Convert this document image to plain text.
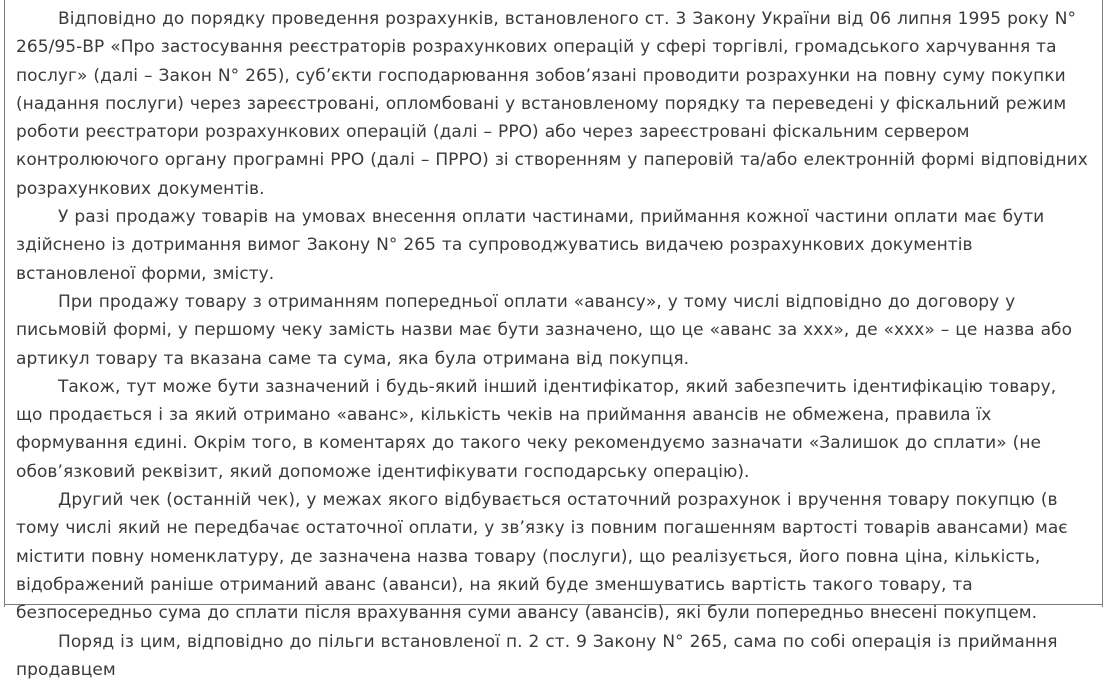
Відповідно до порядку проведення розрахунків, встановленого ст. 3 Закону України від 06 липня 1995 року N° 265/95-ВР «Про застосування реєстраторів розрахункових операцій у сфері торгівлі, громадського харчування та послуг» (далі – Закон N° 265), суб’єкти господарювання зобов’язані проводити розрахунки на повну суму покупки (надання послуги) через зареєстровані, опломбовані у встановленому порядку та переведені у фіскальний режим роботи реєстратори розрахункових операцій (далі – РРО) або через зареєстровані фіскальним сервером контролюючого органу програмні РРО (далі – ПРРО) зі створенням у паперовій та/або електронній формі відповідних розрахункових документів.

У разі продажу товарів на умовах внесення оплати частинами, приймання кожної частини оплати має бути здійснено із дотримання вимог Закону N° 265 та супроводжуватись видачею розрахункових документів встановленої форми, змісту.

При продажу товару з отриманням попередньої оплати «авансу», у тому числі відповідно до договору у письмовій формі, у першому чеку замість назви має бути зазначено, що це «аванс за ххх», де «ххх» – це назва або артикул товару та вказана саме та сума, яка була отримана від покупця.

Також, тут може бути зазначений і будь-який інший ідентифікатор, який забезпечить ідентифікацію товару, що продається і за який отримано «аванс», кількість чеків на приймання авансів не обмежена, правила їх формування єдині. Окрім того, в коментарях до такого чеку рекомендуємо зазначати «Залишок до сплати» (не обов’язковий реквізит, який допоможе ідентифікувати господарську операцію).

Другий чек (останній чек), у межах якого відбувається остаточний розрахунок і вручення товару покупцю (в тому числі який не передбачає остаточної оплати, у зв’язку із повним погашенням вартості товарів авансами) має містити повну номенклатуру, де зазначена назва товару (послуги), що реалізується, його повна ціна, кількість, відображений раніше отриманий аванс (аванси), на який буде зменшуватись вартість такого товару, та безпосередньо сума до сплати після врахування суми авансу (авансів), які були попередньо внесені покупцем.

Поряд із цим, відповідно до пільги встановленої п. 2 ст. 9 Закону N° 265, сама по собі операція із приймання продавцем
